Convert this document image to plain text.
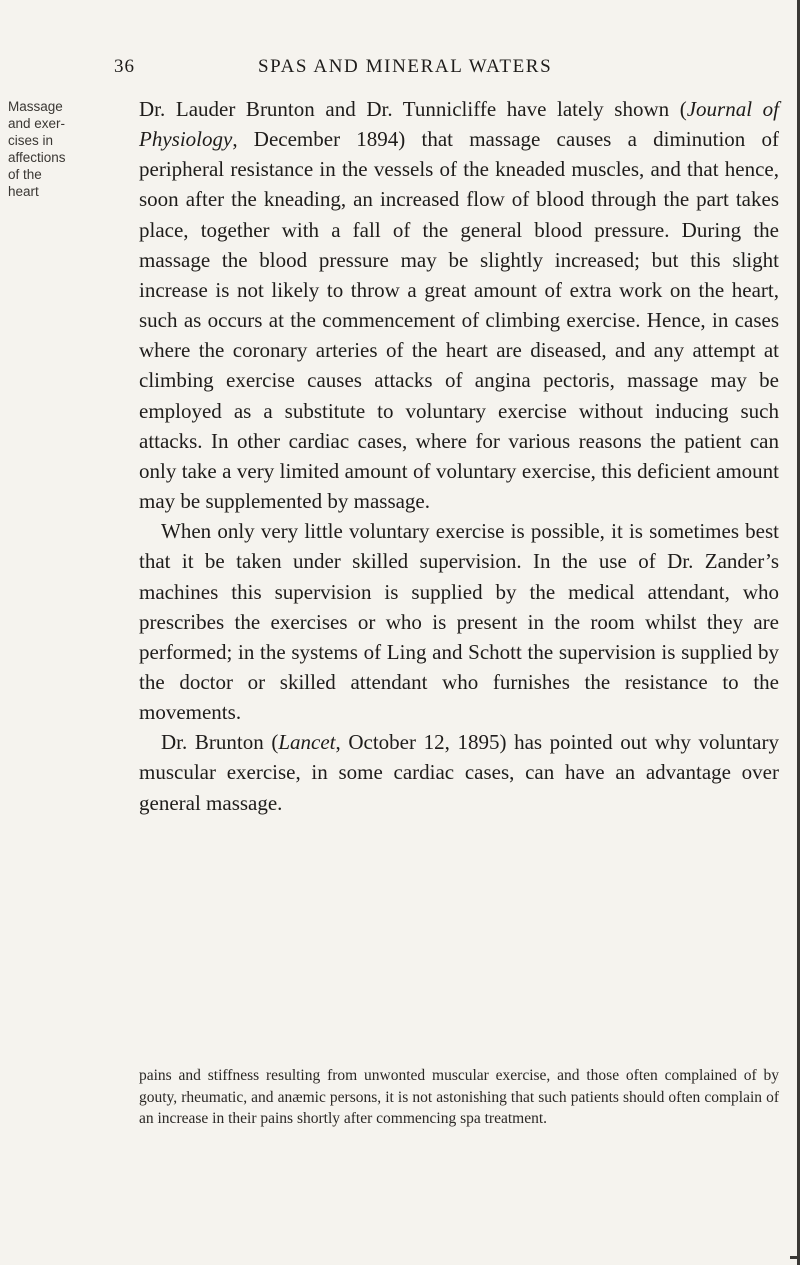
36	SPAS AND MINERAL WATERS
Massage
and exer-
cises in
affections
of the
heart

Dr. Lauder Brunton and Dr. Tunnicliffe have lately shown (Journal of Physiology, December 1894) that massage causes a diminution of peripheral resistance in the vessels of the kneaded muscles, and that hence, soon after the kneading, an increased flow of blood through the part takes place, together with a fall of the general blood pressure. During the massage the blood pressure may be slightly increased; but this slight increase is not likely to throw a great amount of extra work on the heart, such as occurs at the commencement of climbing exercise. Hence, in cases where the coronary arteries of the heart are diseased, and any attempt at climbing exercise causes attacks of angina pectoris, massage may be employed as a substitute to voluntary exercise without inducing such attacks. In other cardiac cases, where for various reasons the patient can only take a very limited amount of voluntary exercise, this deficient amount may be supplemented by massage.

When only very little voluntary exercise is possible, it is sometimes best that it be taken under skilled supervision. In the use of Dr. Zander’s machines this supervision is supplied by the medical attendant, who prescribes the exercises or who is present in the room whilst they are performed; in the systems of Ling and Schott the supervision is supplied by the doctor or skilled attendant who furnishes the resistance to the movements.

Dr. Brunton (Lancet, October 12, 1895) has pointed out why voluntary muscular exercise, in some cardiac cases, can have an advantage over general massage.

pains and stiffness resulting from unwonted muscular exercise, and those often complained of by gouty, rheumatic, and anæmic persons, it is not astonishing that such patients should often complain of an increase in their pains shortly after commencing spa treatment.
